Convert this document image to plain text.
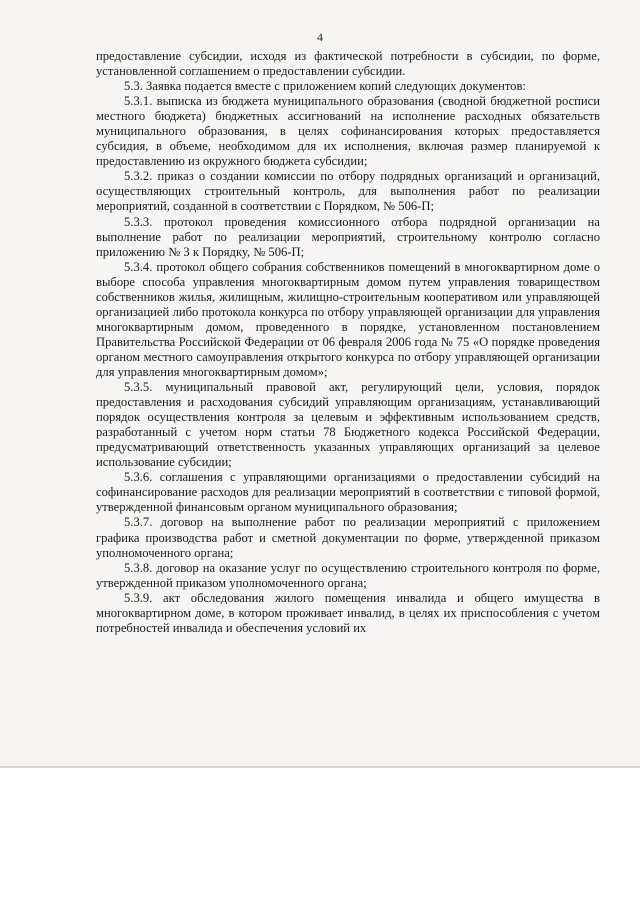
4

предоставление субсидии, исходя из фактической потребности в субсидии, по форме, установленной соглашением о предоставлении субсидии.

5.3. Заявка подается вместе с приложением копий следующих документов:

5.3.1. выписка из бюджета муниципального образования (сводной бюджетной росписи местного бюджета) бюджетных ассигнований на исполнение расходных обязательств муниципального образования, в целях софинансирования которых предоставляется субсидия, в объеме, необходимом для их исполнения, включая размер планируемой к предоставлению из окружного бюджета субсидии;

5.3.2. приказ о создании комиссии по отбору подрядных организаций и организаций, осуществляющих строительный контроль, для выполнения работ по реализации мероприятий, созданной в соответствии с Порядком, № 506-П;

5.3.3. протокол проведения комиссионного отбора подрядной организации на выполнение работ по реализации мероприятий, строительному контролю согласно приложению № 3 к Порядку, № 506-П;

5.3.4. протокол общего собрания собственников помещений в многоквартирном доме о выборе способа управления многоквартирным домом путем управления товариществом собственников жилья, жилищным, жилищно-строительным кооперативом или управляющей организацией либо протокола конкурса по отбору управляющей организации для управления многоквартирным домом, проведенного в порядке, установленном постановлением Правительства Российской Федерации от 06 февраля 2006 года № 75 «О порядке проведения органом местного самоуправления открытого конкурса по отбору управляющей организации для управления многоквартирным домом»;

5.3.5. муниципальный правовой акт, регулирующий цели, условия, порядок предоставления и расходования субсидий управляющим организациям, устанавливающий порядок осуществления контроля за целевым и эффективным использованием средств, разработанный с учетом норм статьи 78 Бюджетного кодекса Российской Федерации, предусматривающий ответственность указанных управляющих организаций за целевое использование субсидии;

5.3.6. соглашения с управляющими организациями о предоставлении субсидий на софинансирование расходов для реализации мероприятий в соответствии с типовой формой, утвержденной финансовым органом муниципального образования;

5.3.7. договор на выполнение работ по реализации мероприятий с приложением графика производства работ и сметной документации по форме, утвержденной приказом уполномоченного органа;

5.3.8. договор на оказание услуг по осуществлению строительного контроля по форме, утвержденной приказом уполномоченного органа;

5.3.9. акт обследования жилого помещения инвалида и общего имущества в многоквартирном доме, в котором проживает инвалид, в целях их приспособления с учетом потребностей инвалида и обеспечения условий их
